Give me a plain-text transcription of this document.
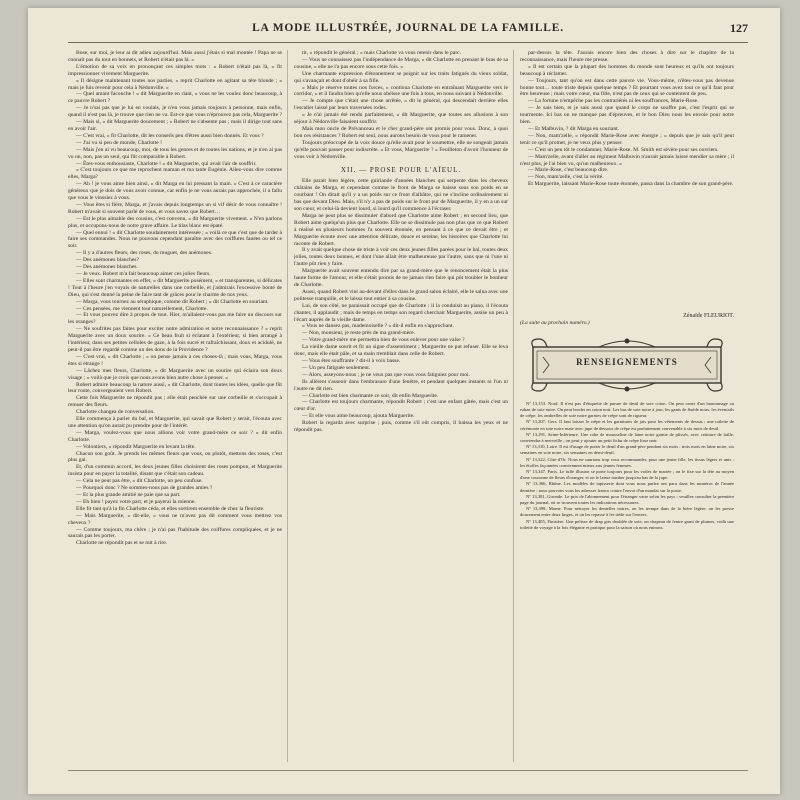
LA MODE ILLUSTRÉE, JOURNAL DE LA FAMILLE.	127

Bose, sur moi, je leur ai dit adieu aujourd'hui. Mais aussi j'étais si mal montée ! Papa ne se connaît pas du tout en bonnets, et Robert n'était pas là. »

L'émotion de sa voix en prononçant ces simples mots : « Robert n'était pas là, » fit impressionner vivement Marguerite.

« Il désigne maintenant toutes nos parties, » reprit Charlotte en agitant sa tête blonde ; « mais je fuis revenir pour cela à Nédonville. »

— Quel amant faconche ! » dit Marguerite en riant, « vous ne les voulez donc beaucoup, à ce pauvre Robert ?

— Je n'sai pas que je lui en voulais, je n'en vous jamais toujours à personne, mais enfin, quand il n'est pas là, je trouve que rien ne va. Est-ce que vous n'éprouvez pas cela, Marguerite ?

— Mais si, » dit Marguerite doucement ; « Robert ne s'absente pas ; mais il dirige tout sans en avoir l'air.

— C'est vrai, » fit Charlotte, dit les conseils peu d'êtres aussi bien donnés. Et vous ?

— J'ai vu si peu de monde, Charlotte !

— Mais j'en ai vu beaucoup, moi, de tous les genres et de toutes les nations, et je n'en ai pas vu un, non, pas un seul, qui fût comparable à Robert.

— Êtes-vous enthousiaste, Charlotte ! » dit Marguerite, qui avait l'air de souffrir.

« C'est toujours ce que me reprochent maman et ma tante Eugénie. Allez-vous dire comme elles, Marga?

— Ah ! je vous aime bien ainsi, » dit Marga en lui pressant la main. « C'est à ce caractère généreux que je dois de vous avoir connue, car enfin je ne vous aurais pas approchée, il a fallu que vous le vinssiez à vous.

— Vous êtes si fière, Marga, et j'avais depuis longtemps un si vif désir de vous connaître ! Robert m'avait si souvent parlé de vous, et vous savez que Robert…

— Est le plus aimable des cousins, c'est convenu, » dit Marguerite vivement. « N'en parlons plus, et occupons-nous de notre grave affaire. Le tilas blanc est épaté.

— Quel ennui ! » dit Charlotte soudainement intéressée ; « voilà ce que c'est que de tarder à faire ses commandes. Nous ne pouvons cependant paraître avec des coiffures fanées ou tel ce soir.

— Il y a d'autres fleurs, des roses, du muguet, des anémones.

— Des anémones blanches?

— Des anémones blanches.

— Je veux. Robert m'a fait beaucoup aimer ces jolies fleurs.

— Elles sont charmantes en effet, » dit Marguerite posément, « et transparentes, si délicates ! Tout à l'heure j'en voyais de naturelles dans une corbeille, et j'admirais l'excessive bonté de Dieu, qui s'est donné la peine de faire tant de grâces pour le charme de nos yeux.

— Marga, vous tournez au séraphique, comme dit Robert ; » dit Charlotte en souriant.

— Ces pensées, me viennent tout naturellement, Charlotte.

— Et vous pouvez dire à propos de tout. Hier, m'allaient-vous pas me faire un discours sur les oranges?

— Ne soufrites pas faites pour exciter notre admiration et notre reconnaissance ? » reprit Marguerite avec un doux sourire. « Ce beau fruit si éclatant à l'extérieur, si bien arrangé à l'intérieur, dans ses petites cellules de gaze, à la fois sucré et rafraîchissant, doux et acidulé, ne peut-il pas être regardé comme un des dons de la Providence ?

— C'est vrai, » dit Charlotte ; « on pense jamais à ces choses-là ; mais vous, Marga, vous êtes si étrange !

— Lâchez mes fleurs, Charlotte, » dit Marguerite avec un sourire qui éclaira son doux visage ; « voilà que je crois que nous avons bien autre chose à penser. »

Robert admire beaucoup la nature aussi, » dit Charlotte, dont toutes les idées, quelle que fût leur route, convergeaient vers Robert.

Cette fois Marguerite ne répondit pas ; elle était penchée sur une corbeille et s'occupait à remuer des fleurs.

Charlotte changea de conversation.

Elle commença à parler du bal, et Marguerite, qui savait que Robert y serait, l'écouta avec une attention qu'on aurait pu prendre pour de l'intérêt.

— Marga, voulez-vous que nous allions voir votre grand-mère ce soir ? » dit enfin Charlotte.

— Volontiers, » répondit Marguerite en levant la tête.

Chacun son goût. Je prends les mêmes fleurs que vous, ou plutôt, mettons des roses, c'est plus gai.

Et, d'un commun accord, les deux jeunes filles choisirent des roses pompon, et Marguerite insista pour en payer la totalité, disant que c'était son cadeau.

— Cela ne peut pas être, » dit Charlotte, un peu confuse.

— Pourquoi donc ? Ne sommes-nous pas de grandes amies ?

— Et la plus grande amitié ne paie que sa part.

— Eh bien ! payez votre part, et je payerai la mienne.

Elle fit tant qu'à la fin Charlotte céda, et elles sortirent ensemble de chez la fleuriste.

— Mais Marguerite, « dit-elle, » vous ne m'avez pas dit comment vous mettrez vos cheveux ?

— Comme toujours, ma chère ; je n'ai pas l'habitude des coiffures compliquées, et je ne saurais pas les porter.

Charlotte ne répondit pas et se mit à rire.

tit, » répondit le général ; « mais Charlotte va vous retenir dans le parc.

— Vous ne connaissez pas l'indépendance de Marga, » dit Charlotte en prenant le bras de sa cousine, « elle ne l'a pas encore sous cette fois. »

Une charmante expression d'étonnement se peignit sur les traits fatigués du vieux soldat, qui s'avançait et dont d'obéir à sa fille.

« Mais je réserve toutes nos forces, » continua Charlotte en entraînant Marguerite vers le corridor, « et il faudra bien qu'elle nous obéisse une fois à tous, en nous suivant à Nédonville.

— Je compte que c'était une chose arrêtée, » dit le général, qui descendait derrière elles l'escalier laissé par leurs traversées rodes.

« Je n'ai jamais été rendu parfaitement, » dit Marguerite, que toutes ses allusions à son séjour à Nédonville faisaient souffrir.

Mais mon oncle de Prévanceau et le cher grand-père ont promis pour vous. Donc, à quoi bon ces résistances ? Robert est seul, nous aurons besoin de vous pour le ramener.

Toujours préoccupé de la voix douce qu'elle avait pour le soumettre, elle ne songeait jamais qu'elle pouvait passer pour indiscrète. « Et vous, Marguerite ? » Feuilleton d'avoir l'honneur de vous voir à Nédonville.

XII. — PROSE POUR L'AÏEUL.

Elle parait bien légère, cette guirlande d'années blanches qui serpente dans les cheveux châtains de Marga, et cependant comme le front de Marga se baisse sous son poids en se courbant ! On dirait qu'il y a un poids sur ce front d'albâtre, qui ne s'incline ordinairement ni bas que devant Dieu. Mais, s'il n'y a pas de poids sur le front pur de Marguerite, il y en a un sur son cœur, et celui-là devient lourd, si lourd qu'il commence à l'écraser.

Marga ne peut plus se dissimuler d'abord que Charlotte aime Robert ; en second lieu, que Robert aime quelqu'un plus que Charlotte. Elle ne se dissimule pas non plus que ce que Robert à réalisé en plusieurs hommes l'a souvent étonnée, en pensant à ce que ce devait être ; et Marguerite écoute avec une attention délicate, douce et sereine, les histoires que Charlotte lui raconte de Robert.

Il y avait quelque chose de triste à voir ces deux jeunes filles parées pour le bal, toutes deux jolies, toutes deux bonnes, et dont l'une allait être malheureuse par l'autre, sans que ni l'une ni l'autre pût rien y faire.

Marguerite avait souvent entendu dire par sa grand-mère que le renoncement était la plus haute forme de l'amour, et elle s'était promis de ne jamais rien faire qui pût troubler le bonheur de Charlotte.

Aussi, quand Robert vint au-devant d'elles dans le grand salon éclairé, elle le salua avec une politesse tranquille, et le laissa tout entier à sa cousine.

Lui, de son côté, ne paraissait occupé que de Charlotte ; il la conduisit au piano, il l'écouta chanter, il applaudit ; mais de temps en temps son regard cherchait Marguerite, assise un peu à l'écart auprès de la vieille dame.

« Vous ne dansez pas, mademoiselle ? » dit-il enfin en s'approchant.

— Non, monsieur, je reste près de ma grand-mère.

— Votre grand-mère me permettra bien de vous enlever pour une valse ?

La vieille dame sourit et fit un signe d'assentiment ; Marguerite ne put refuser. Elle se leva donc, mais elle était pâle, et sa main tremblait dans celle de Robert.

— Vous êtes souffrante ? dit-il à voix basse.

— Un peu fatiguée seulement.

— Alors, asseyons-nous ; je ne veux pas que vous vous fatiguiez pour moi.

Ils allèrent s'asseoir dans l'embrasure d'une fenêtre, et pendant quelques instants ni l'un ni l'autre ne dit rien.

— Charlotte est bien charmante ce soir, dit enfin Marguerite.

— Charlotte est toujours charmante, répondit Robert ; c'est une enfant gâtée, mais c'est un cœur d'or.

— Et elle vous aime beaucoup, ajouta Marguerite.

Robert la regarda avec surprise ; puis, comme s'il eût compris, il baissa les yeux et ne répondit pas.

par-dessus la tête. J'aurais encore bien des choses à dire sur le chapitre de la reconnaissance, mais l'heure me presse.

« Il est certain que la plupart des hommes du monde sont heureux et qu'ils ont toujours beaucoup à réclamer.

— Toujours, tant qu'on est dans cette pauvre vie. Vous-même, n'êtes-vous pas devenue bonne tout… toute triste depuis quelque temps ? Et pourtant vous avez tout ce qu'il faut pour être heureuse ; mais votre cœur, ma fille, n'est pas de ceux qui se contentent de peu.

— La fortune n'empêche pas les contrariétés ni les souffrances, Marie-Rose.

— Je sais bien, et je sais aussi que quand le corps ne souffre pas, c'est l'esprit qui se tourmente. Ici bas on ne manque pas d'épreuves, et le bon Dieu nous les envoie pour notre bien.

— Et Malbuvin, ? dit Marga en souriant.

— Non, mam'zelle, » répondit Marie-Rose avec énergie ; « depuis que je sais qu'il peut tenir ce qu'il promet, je ne veux plus y penser.

— C'est un peu tôt le condamner, Marie-Rose. M. Smith est sévère pour ses ouvriers.

— Mam'zelle, avant d'aller au régiment Malbuvin n'aurait jamais laissé mendier sa mère ; il n'est plus, je l'ai bien vu, qu'un malheureux. »

— Marie-Rose, c'est beaucoup dire.

— Non, mam'zelle, c'est la vérité.

Et Marguerite, laissant Marie-Rose toute étonnée, passa dans la chambre de son grand-père.

Zénaïde FLEURIOT.
(La suite au prochain numéro.)
RENSEIGNEMENTS

Nº 13,153. Nord. Il n'est pas d'étiquette de parure de deuil de soie coton. On peut orner d'un boutonnage au ruban de soie noire. On peut broder en coton noir. Les bas de soie noire à jour, les gants de Suède noirs, les éventails de crêpe, les ombrelles de soie noire garnies de crêpe sont de rigueur.

Nº 13,207, Gers. Il faut laisser le crêpe et les garnitures de jais pour les vêtements de dessus ; une toilette de cérémonie en soie noire mate avec jupe de dessous de crêpe est parfaitement convenable à six mois de deuil.

Nº 13,291, Seine-Inférieure. Une robe de mousseline de laine noire garnie de plissés, avec ceinture de faille, conviendra à merveille ; on peut y ajouter un petit fichu de crêpe lisse noir.

Nº 13,310, Loire. Il est d'usage de porter le deuil d'un grand-père pendant six mois : trois mois en laine noire, six semaines en soie noire, six semaines en demi-deuil.

Nº 13,322, Côte-d'Or. Nous ne saurions trop vous recommander, pour une jeune fille, les tissus légers et unis ; les étoffes façonnées conviennent mieux aux jeunes femmes.

Nº 13,347, Paris. Le tulle illusion se porte toujours pour les voiles de mariée ; on le fixe sur la tête au moyen d'une couronne de fleurs d'oranger, et on le laisse tomber jusqu'au bas de la jupe.

Nº 13,366, Rhône. Les modèles de tapisserie dont vous nous parlez ont paru dans les numéros de l'année dernière ; nous pouvons vous les adresser franco contre l'envoi d'un mandat sur la poste.

Nº 13,381, Gironde. Le prix de l'abonnement pour l'étranger varie selon les pays ; veuillez consulter la première page du journal, où se trouvent toutes les indications nécessaires.

Nº 13,398, Marne. Pour nettoyer les dentelles noires, on les trempe dans de la bière légère, on les presse doucement entre deux linges, et on les repasse à fer tiède sur l'envers.

Nº 13,405, Finistère. Une pelisse de drap gris doublée de soie, un chapeau de feutre garni de plumes, voilà une toilette de voyage à la fois élégante et pratique pour la saison où nous entrons.
